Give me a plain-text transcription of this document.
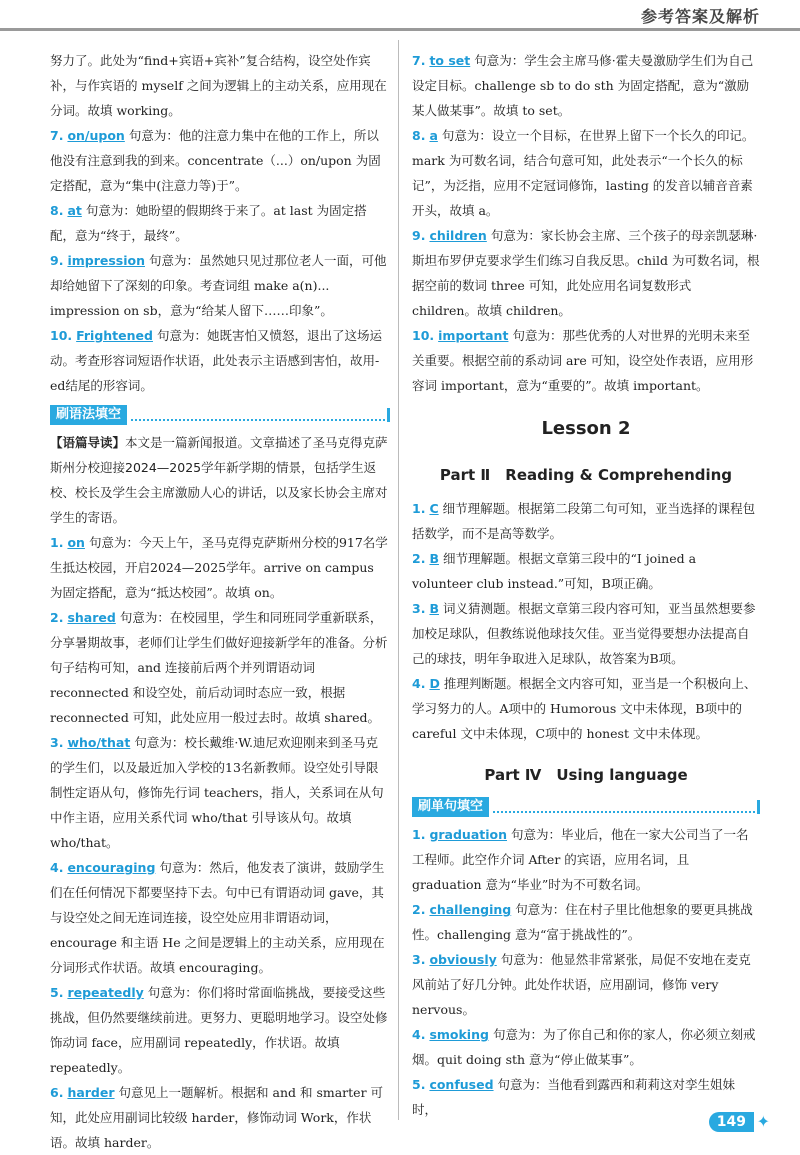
参考答案及解析

努力了。此处为“find+宾语+宾补”复合结构，设空处作宾补，与作宾语的 myself 之间为逻辑上的主动关系，应用现在分词。故填 working。

7. on/upon 句意为：他的注意力集中在他的工作上，所以他没有注意到我的到来。concentrate（...）on/upon 为固定搭配，意为“集中(注意力等)于”。

8. at 句意为：她盼望的假期终于来了。at last 为固定搭配，意为“终于，最终”。

9. impression 句意为：虽然她只见过那位老人一面，可他却给她留下了深刻的印象。考查词组 make a(n)... impression on sb，意为“给某人留下……印象”。

10. Frightened 句意为：她既害怕又愤怒，退出了这场运动。考查形容词短语作状语，此处表示主语感到害怕，故用-ed结尾的形容词。

刷语法填空

【语篇导读】本文是一篇新闻报道。文章描述了圣马克得克萨斯州分校迎接2024—2025学年新学期的情景，包括学生返校、校长及学生会主席激励人心的讲话，以及家长协会主席对学生的寄语。

1. on 句意为：今天上午，圣马克得克萨斯州分校的917名学生抵达校园，开启2024—2025学年。arrive on campus 为固定搭配，意为“抵达校园”。故填 on。

2. shared 句意为：在校园里，学生和同班同学重新联系，分享暑期故事，老师们让学生们做好迎接新学年的准备。分析句子结构可知，and 连接前后两个并列谓语动词 reconnected 和设空处，前后动词时态应一致，根据 reconnected 可知，此处应用一般过去时。故填 shared。

3. who/that 句意为：校长戴维·W.迪尼欢迎刚来到圣马克的学生们，以及最近加入学校的13名新教师。设空处引导限制性定语从句，修饰先行词 teachers，指人，关系词在从句中作主语，应用关系代词 who/that 引导该从句。故填 who/that。

4. encouraging 句意为：然后，他发表了演讲，鼓励学生们在任何情况下都要坚持下去。句中已有谓语动词 gave，其与设空处之间无连词连接，设空处应用非谓语动词，encourage 和主语 He 之间是逻辑上的主动关系，应用现在分词形式作状语。故填 encouraging。

5. repeatedly 句意为：你们将时常面临挑战，要接受这些挑战，但仍然要继续前进。更努力、更聪明地学习。设空处修饰动词 face，应用副词 repeatedly，作状语。故填 repeatedly。

6. harder 句意见上一题解析。根据和 and 和 smarter 可知，此处应用副词比较级 harder，修饰动词 Work，作状语。故填 harder。

7. to set 句意为：学生会主席马修·霍夫曼激励学生们为自己设定目标。challenge sb to do sth 为固定搭配，意为“激励某人做某事”。故填 to set。

8. a 句意为：设立一个目标，在世界上留下一个长久的印记。mark 为可数名词，结合句意可知，此处表示“一个长久的标记”，为泛指，应用不定冠词修饰，lasting 的发音以辅音音素开头，故填 a。

9. children 句意为：家长协会主席、三个孩子的母亲凯瑟琳·斯坦布罗伊克要求学生们练习自我反思。child 为可数名词，根据空前的数词 three 可知，此处应用名词复数形式 children。故填 children。

10. important 句意为：那些优秀的人对世界的光明未来至关重要。根据空前的系动词 are 可知，设空处作表语，应用形容词 important，意为“重要的”。故填 important。

Lesson 2
Part Ⅱ　Reading & Comprehending

1. C 细节理解题。根据第二段第二句可知，亚当选择的课程包括数学，而不是高等数学。

2. B 细节理解题。根据文章第三段中的“I joined a volunteer club instead.”可知，B项正确。

3. B 词义猜测题。根据文章第三段内容可知，亚当虽然想要参加校足球队，但教练说他球技欠佳。亚当觉得要想办法提高自己的球技，明年争取进入足球队，故答案为B项。

4. D 推理判断题。根据全文内容可知，亚当是一个积极向上、学习努力的人。A项中的 Humorous 文中未体现，B项中的 careful 文中未体现，C项中的 honest 文中未体现。

Part Ⅳ　Using language
刷单句填空

1. graduation 句意为：毕业后，他在一家大公司当了一名工程师。此空作介词 After 的宾语，应用名词，且 graduation 意为“毕业”时为不可数名词。

2. challenging 句意为：住在村子里比他想象的要更具挑战性。challenging 意为“富于挑战性的”。

3. obviously 句意为：他显然非常紧张，局促不安地在麦克风前站了好几分钟。此处作状语，应用副词，修饰 very nervous。

4. smoking 句意为：为了你自己和你的家人，你必须立刻戒烟。quit doing sth 意为“停止做某事”。

5. confused 句意为：当他看到露西和莉莉这对孪生姐妹时，

149 ✦
